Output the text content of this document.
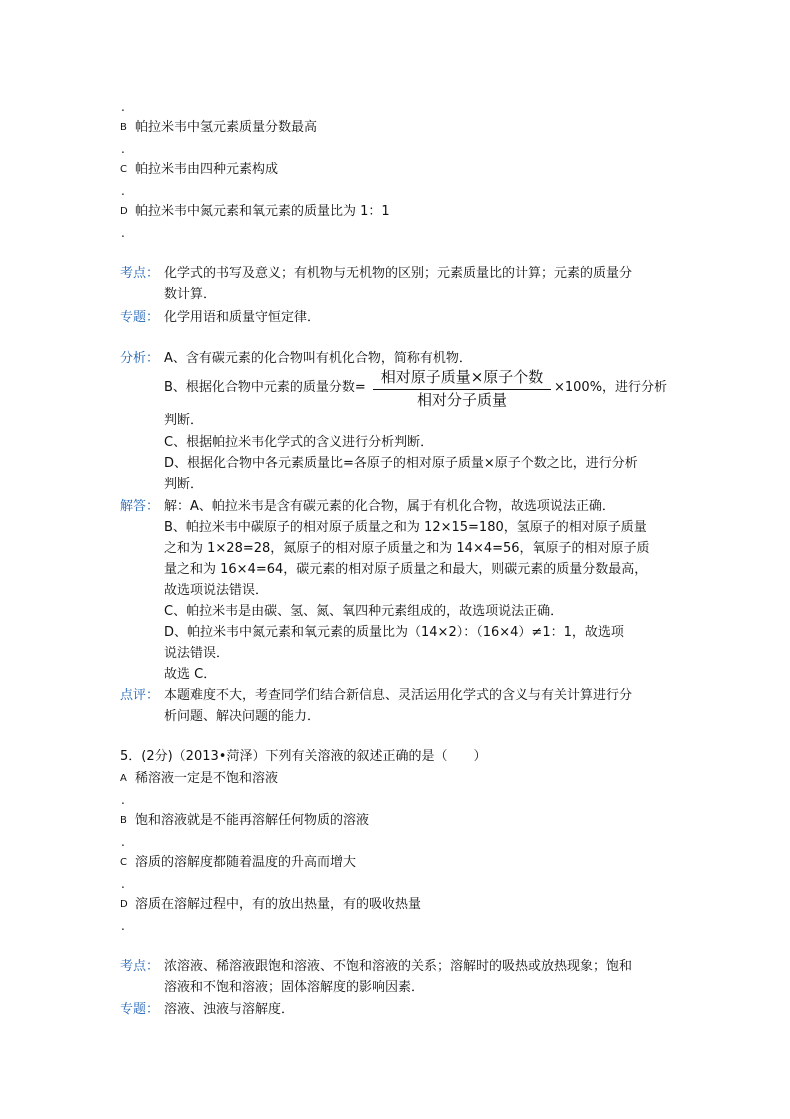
.
B 帕拉米韦中氢元素质量分数最高
.
C 帕拉米韦由四种元素构成
.
D 帕拉米韦中氮元素和氧元素的质量比为 1：1
.
考点： 化学式的书写及意义；有机物与无机物的区别；元素质量比的计算；元素的质量分
数计算．
专题： 化学用语和质量守恒定律．
分析： A、含有碳元素的化合物叫有机化合物，简称有机物．
B、根据化合物中元素的质量分数=
相对原子质量×原子个数
相对分子质量
×100%，进行分析
判断．
C、根据帕拉米韦化学式的含义进行分析判断．
D、根据化合物中各元素质量比=各原子的相对原子质量×原子个数之比，进行分析
判断．
解答： 解：A、帕拉米韦是含有碳元素的化合物，属于有机化合物，故选项说法正确．
B、帕拉米韦中碳原子的相对原子质量之和为 12×15=180，氢原子的相对原子质量
之和为 1×28=28，氮原子的相对原子质量之和为 14×4=56，氧原子的相对原子质
量之和为 16×4=64，碳元素的相对原子质量之和最大，则碳元素的质量分数最高，
故选项说法错误．
C、帕拉米韦是由碳、氢、氮、氧四种元素组成的，故选项说法正确．
D、帕拉米韦中氮元素和氧元素的质量比为（14×2）：（16×4）≠1：1，故选项
说法错误．
故选 C．
点评： 本题难度不大，考查同学们结合新信息、灵活运用化学式的含义与有关计算进行分
析问题、解决问题的能力．
5．(2分)（2013•菏泽）下列有关溶液的叙述正确的是（　　）
A 稀溶液一定是不饱和溶液
.
B 饱和溶液就是不能再溶解任何物质的溶液
.
C 溶质的溶解度都随着温度的升高而增大
.
D 溶质在溶解过程中，有的放出热量，有的吸收热量
.
考点： 浓溶液、稀溶液跟饱和溶液、不饱和溶液的关系；溶解时的吸热或放热现象；饱和
溶液和不饱和溶液；固体溶解度的影响因素．
专题： 溶液、浊液与溶解度．
